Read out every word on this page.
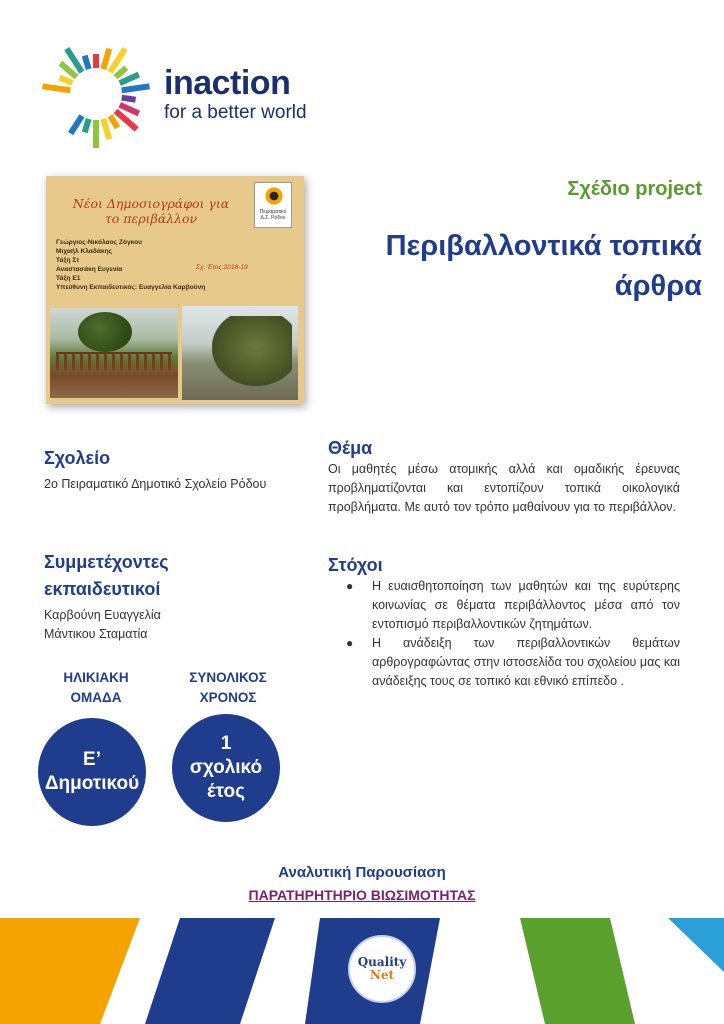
inaction
for a better world
Νέοι Δημοσιογράφοι για
το περιβάλλον	Πειραματικό Δ.Σ. Ρόδου
Γεώργιος-Νικόλαος Ζόγκου
Μιχαήλ Κλαδάκης
Τάξη Στ
Αναστασάκη Ευγενία
Τάξη Ε1
Υπεύθυνη Εκπαιδευτικός: Ευαγγελία Καρβούνη
Σχ. Έτος:2018-19
Σχέδιο project
Περιβαλλοντικά τοπικά άρθρα
Σχολείο
2ο Πειραματικό Δημοτικό Σχολείο Ρόδου
Συμμετέχοντες εκπαιδευτικοί
Καρβούνη Ευαγγελία
Μάντικου Σταματία
ΗΛΙΚΙΑΚΗ
ΟΜΑΔΑ
Ε’
Δημοτικού
ΣΥΝΟΛΙΚΟΣ
ΧΡΟΝΟΣ
1
σχολικό
έτος
Θέμα
Οι μαθητές μέσω ατομικής αλλά και ομαδικής έρευνας προβληματίζονται και εντοπίζουν τοπικά οικολογικά προβλήματα. Με αυτό τον τρόπο μαθαίνουν για το περιβάλλον.
Στόχοι
● Η ευαισθητοποίηση των μαθητών και της ευρύτερης κοινωνίας σε θέματα περιβάλλοντος μέσα από τον εντοπισμό περιβαλλοντικών ζητημάτων.
● Η ανάδειξη των περιβαλλοντικών θεμάτων αρθρογραφώντας στην ιστοσελίδα του σχολείου μας και ανάδειξης τους σε τοπικό και εθνικό επίπεδο .
Αναλυτική Παρουσίαση
ΠΑΡΑΤΗΡΗΤΗΡΙΟ ΒΙΩΣΙΜΟΤΗΤΑΣ
Quality
Net
